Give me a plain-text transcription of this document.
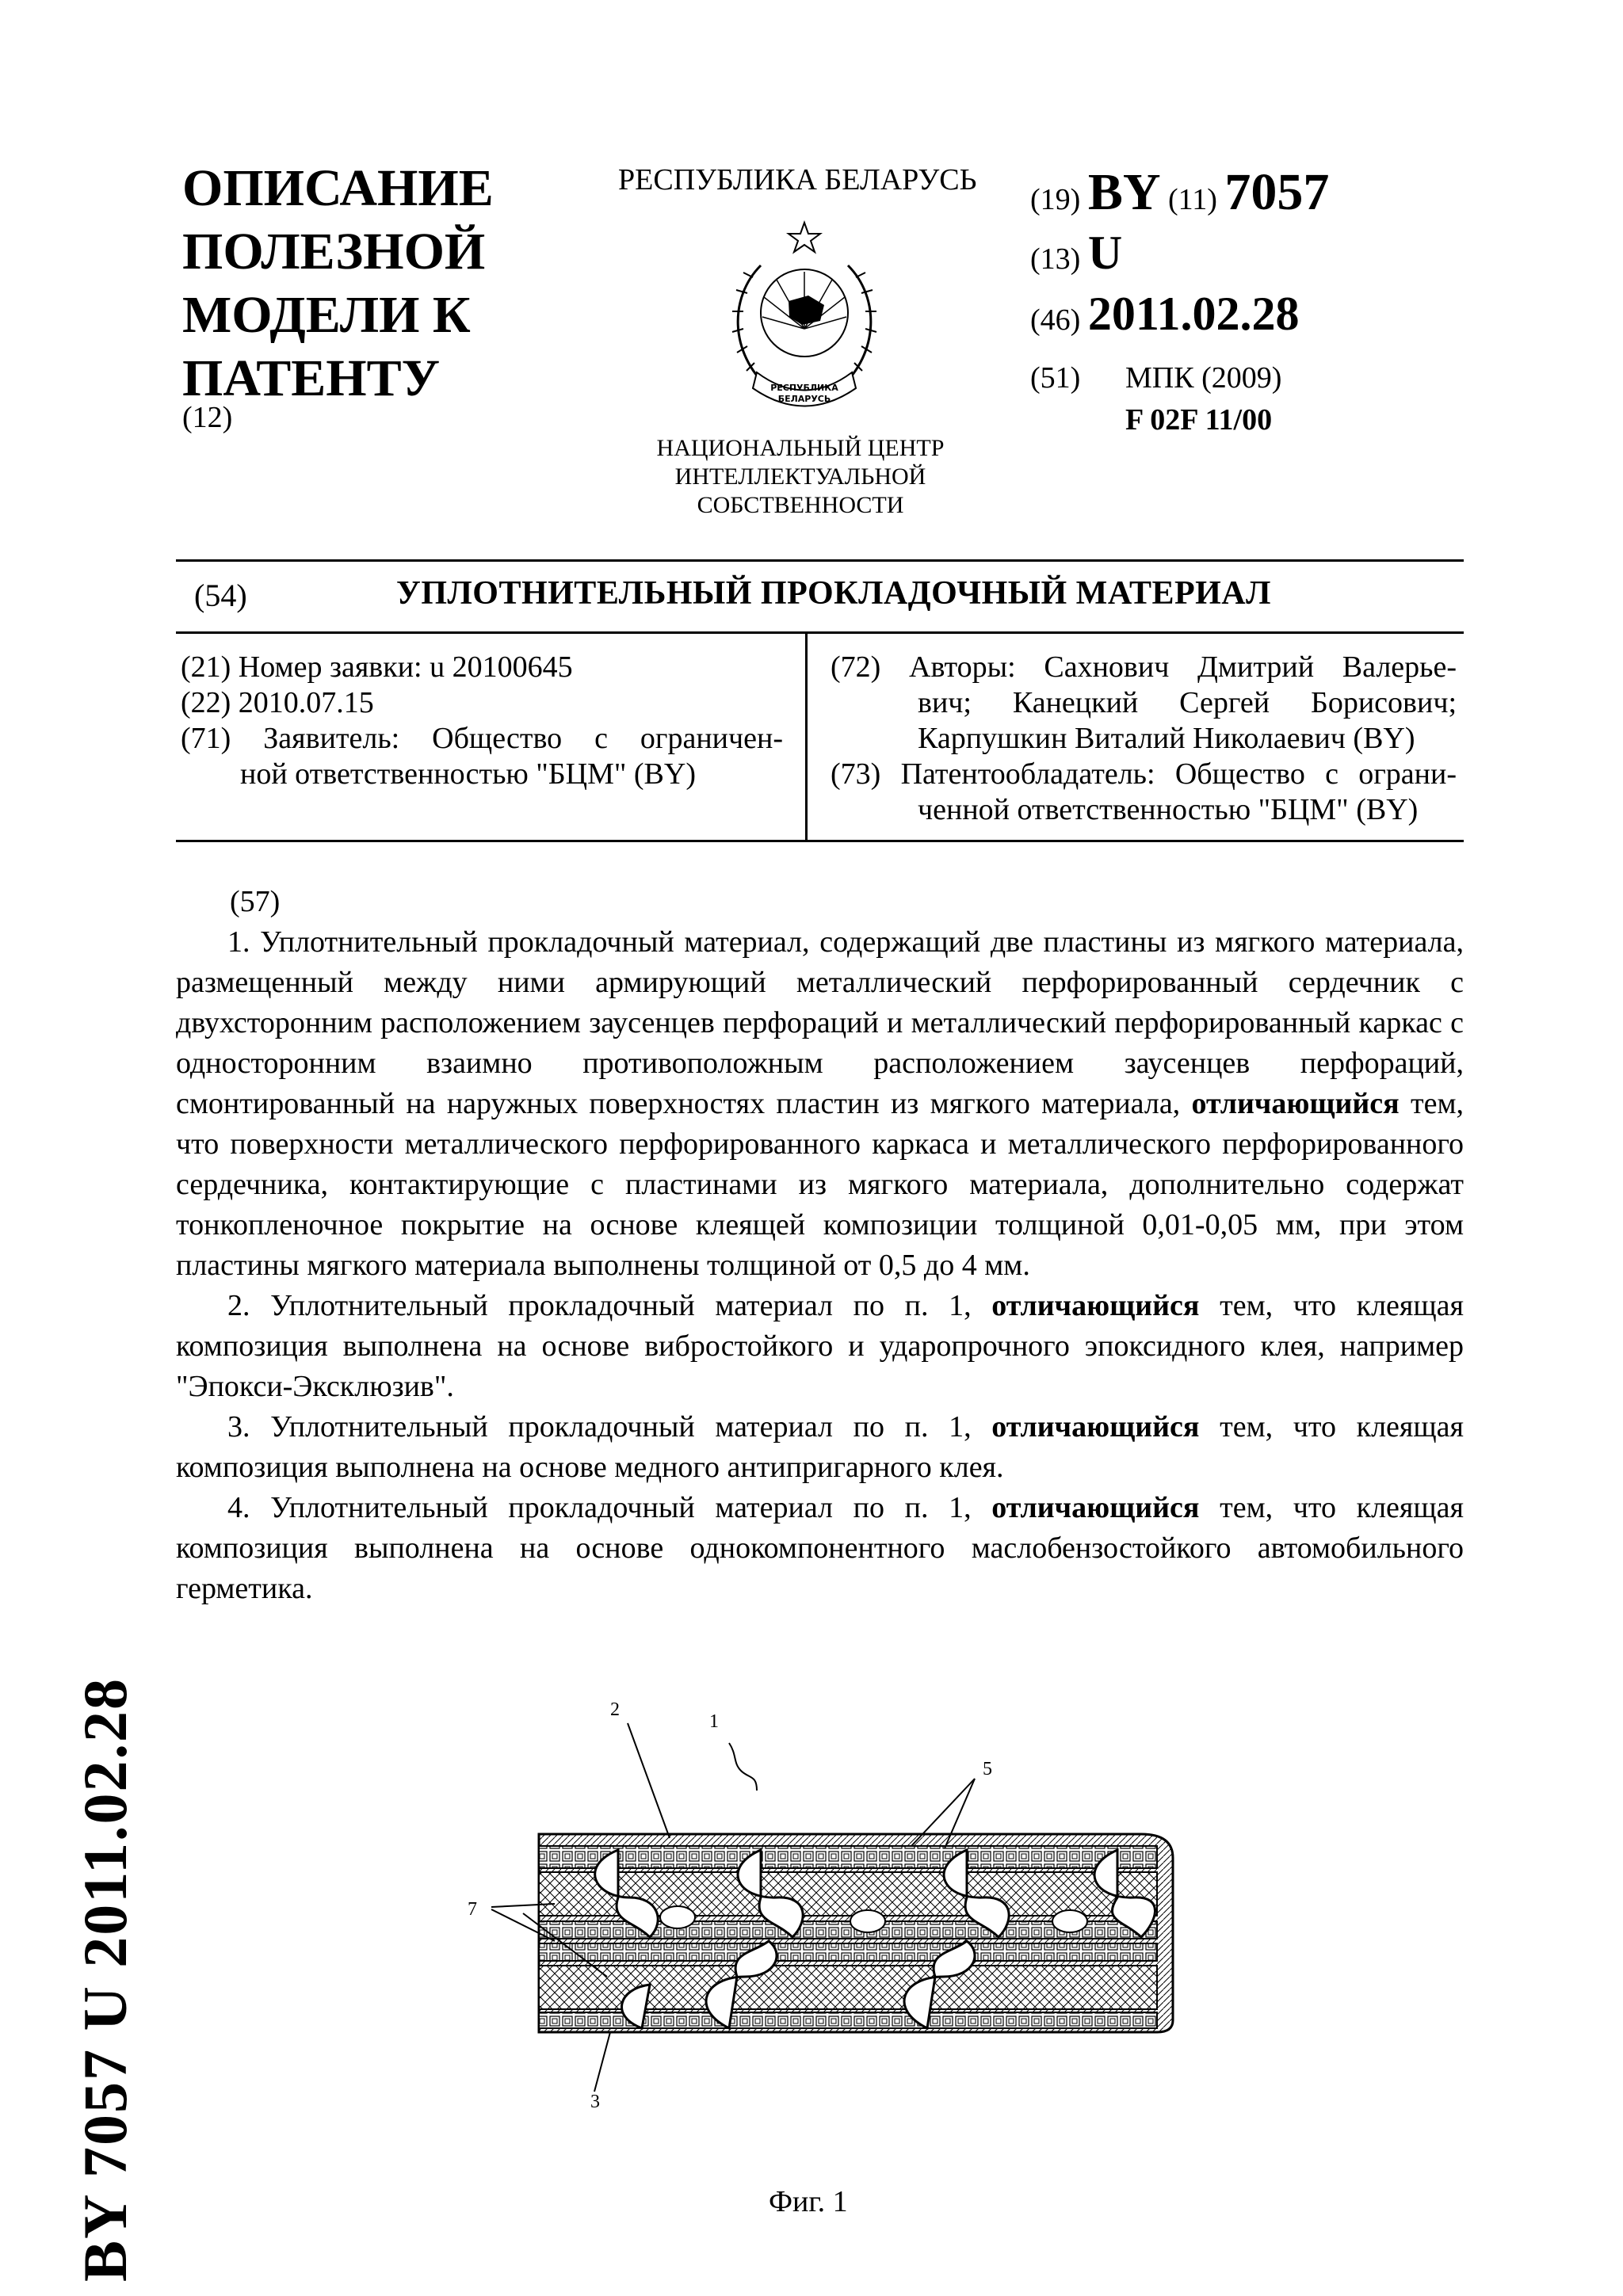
ОПИСАНИЕ
ПОЛЕЗНОЙ
МОДЕЛИ К
ПАТЕНТУ
(12)
РЕСПУБЛИКА БЕЛАРУСЬ
РЕСПУБЛИКА
БЕЛАРУСЬ
НАЦИОНАЛЬНЫЙ ЦЕНТР
ИНТЕЛЛЕКТУАЛЬНОЙ
СОБСТВЕННОСТИ
(19) BY (11) 7057
(13) U
(46) 2011.02.28
(51) МПК (2009)
F 02F 11/00
(54)	УПЛОТНИТЕЛЬНЫЙ ПРОКЛАДОЧНЫЙ МАТЕРИАЛ
(21) Номер заявки: u 20100645
(22) 2010.07.15
(71) Заявитель: Общество с ограничен-
ной ответственностью "БЦМ" (BY)
(72) Авторы: Сахнович Дмитрий Валерье-
вич; Канецкий Сергей Борисович;
Карпушкин Виталий Николаевич (BY)
(73) Патентообладатель: Общество с ограни-
ченной ответственностью "БЦМ" (BY)

(57)

1. Уплотнительный прокладочный материал, содержащий две пластины из мягкого материала, размещенный между ними армирующий металлический перфорированный сердечник с двухсторонним расположением заусенцев перфораций и металлический перфорированный каркас с односторонним взаимно противоположным расположением заусенцев перфораций, смонтированный на наружных поверхностях пластин из мягкого материала, отличающийся тем, что поверхности металлического перфорированного каркаса и металлического перфорированного сердечника, контактирующие с пластинами из мягкого материала, дополнительно содержат тонкопленочное покрытие на основе клеящей композиции толщиной 0,01-0,05 мм, при этом пластины мягкого материала выполнены толщиной от 0,5 до 4 мм.

2. Уплотнительный прокладочный материал по п. 1, отличающийся тем, что клеящая композиция выполнена на основе вибростойкого и ударопрочного эпоксидного клея, например "Эпокси-Эксклюзив".

3. Уплотнительный прокладочный материал по п. 1, отличающийся тем, что клеящая композиция выполнена на основе медного антипригарного клея.

4. Уплотнительный прокладочный материал по п. 1, отличающийся тем, что клеящая композиция выполнена на основе однокомпонентного маслобензостойкого автомобильного герметика.

BY 7057 U 2011.02.28	1
2
3
5
7
Фиг. 1
